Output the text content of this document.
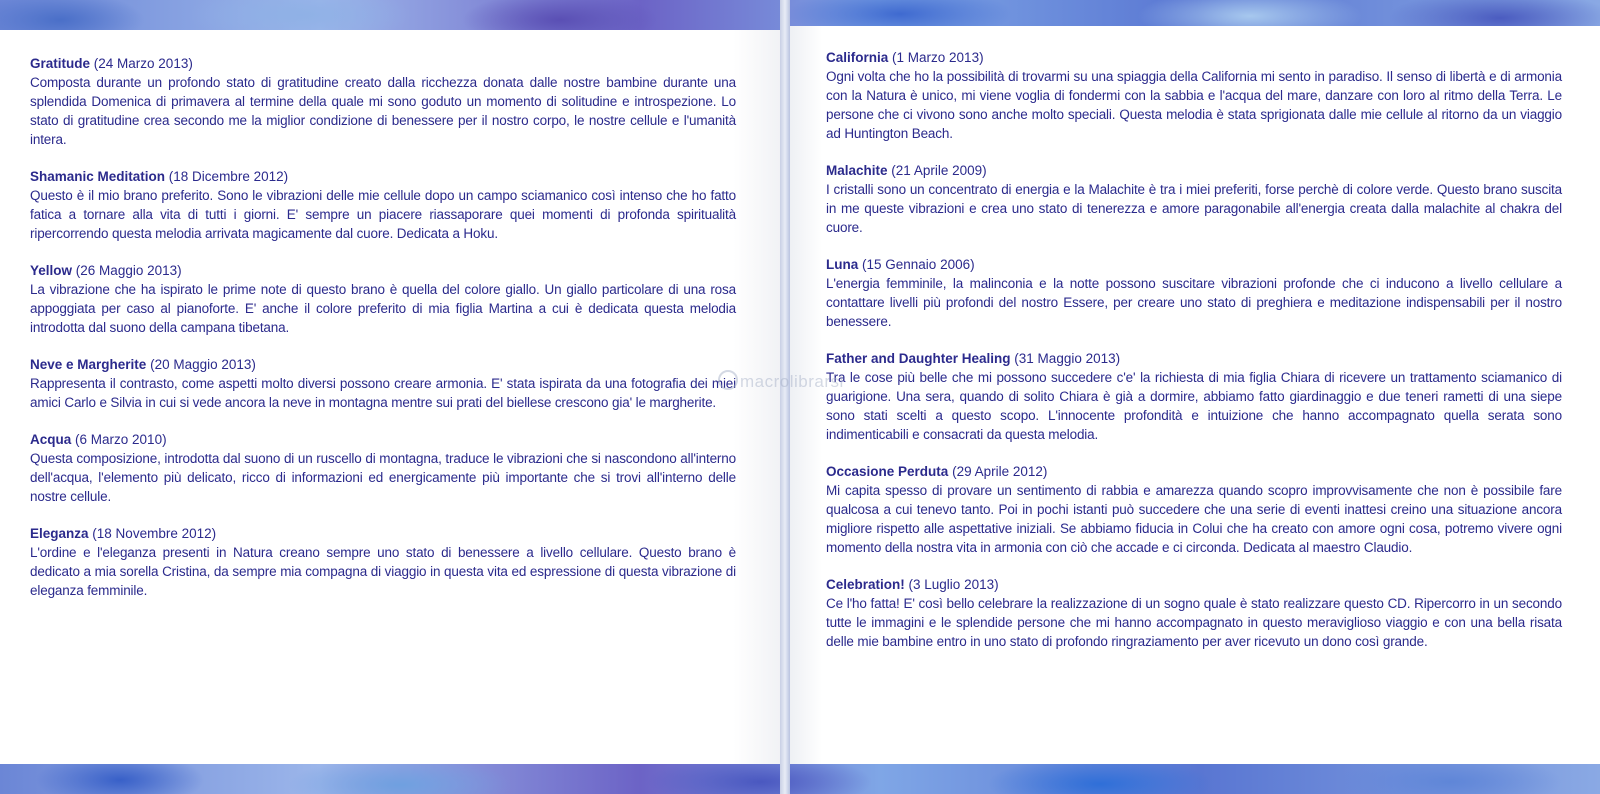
Gratitude (24 Marzo 2013)

Composta durante un profondo stato di gratitudine creato dalla ricchezza donata dalle nostre bambine durante una splendida Domenica di primavera al termine della quale mi sono goduto un momento di solitudine e introspezione. Lo stato di gratitudine crea secondo me la miglior condizione di benessere per il nostro corpo, le nostre cellule e l'umanità intera.

Shamanic Meditation (18 Dicembre 2012)

Questo è il mio brano preferito. Sono le vibrazioni delle mie cellule dopo un campo sciamanico così intenso che ho fatto fatica a tornare alla vita di tutti i giorni. E' sempre un piacere riassaporare quei momenti di profonda spiritualità ripercorrendo questa melodia arrivata magicamente dal cuore. Dedicata a Hoku.

Yellow (26 Maggio 2013)

La vibrazione che ha ispirato le prime note di questo brano è quella del colore giallo. Un giallo particolare di una rosa appoggiata per caso al pianoforte. E' anche il colore preferito di mia figlia Martina a cui è dedicata questa melodia introdotta dal suono della campana tibetana.

Neve e Margherite (20 Maggio 2013)

Rappresenta il contrasto, come aspetti molto diversi possono creare armonia. E' stata ispirata da una fotografia dei miei amici Carlo e Silvia in cui si vede ancora la neve in montagna mentre sui prati del biellese crescono gia' le margherite.

Acqua (6 Marzo 2010)

Questa composizione, introdotta dal suono di un ruscello di montagna, traduce le vibrazioni che si nascondono all'interno dell'acqua, l'elemento più delicato, ricco di informazioni ed energicamente più importante che si trovi all'interno delle nostre cellule.

Eleganza (18 Novembre 2012)

L'ordine e l'eleganza presenti in Natura creano sempre uno stato di benessere a livello cellulare. Questo brano è dedicato a mia sorella Cristina, da sempre mia compagna di viaggio in questa vita ed espressione di questa vibrazione di eleganza femminile.

California (1 Marzo 2013)

Ogni volta che ho la possibilità di trovarmi su una spiaggia della California mi sento in paradiso. Il senso di libertà e di armonia con la Natura è unico, mi viene voglia di fondermi con la sabbia e l'acqua del mare, danzare con loro al ritmo della Terra. Le persone che ci vivono sono anche molto speciali. Questa melodia è stata sprigionata dalle mie cellule al ritorno da un viaggio ad Huntington Beach.

Malachite (21 Aprile 2009)

I cristalli sono un concentrato di energia e la Malachite è tra i miei preferiti, forse perchè di colore verde. Questo brano suscita in me queste vibrazioni e crea uno stato di tenerezza e amore paragonabile all'energia creata dalla malachite al chakra del cuore.

Luna (15 Gennaio 2006)

L'energia femminile, la malinconia e la notte possono suscitare vibrazioni profonde che ci inducono a livello cellulare a contattare livelli più profondi del nostro Essere, per creare uno stato di preghiera e meditazione indispensabili per il nostro benessere.

Father and Daughter Healing (31 Maggio 2013)

Tra le cose più belle che mi possono succedere c'e' la richiesta di mia figlia Chiara di ricevere un trattamento sciamanico di guarigione. Una sera, quando di solito Chiara è già a dormire, abbiamo fatto giardinaggio e due teneri rametti di una siepe sono stati scelti a questo scopo. L'innocente profondità e intuizione che hanno accompagnato quella serata sono indimenticabili e consacrati da questa melodia.

Occasione Perduta (29 Aprile 2012)

Mi capita spesso di provare un sentimento di rabbia e amarezza quando scopro improvvisamente che non è possibile fare qualcosa a cui tenevo tanto. Poi in pochi istanti può succedere che una serie di eventi inattesi creino una situazione ancora migliore rispetto alle aspettative iniziali. Se abbiamo fiducia in Colui che ha creato con amore ogni cosa, potremo vivere ogni momento della nostra vita in armonia con ciò che accade e ci circonda. Dedicata al maestro Claudio.

Celebration! (3 Luglio 2013)

Ce l'ho fatta! E' così bello celebrare la realizzazione di un sogno quale è stato realizzare questo CD. Ripercorro in un secondo tutte le immagini e le splendide persone che mi hanno accompagnato in questo meraviglioso viaggio e con una bella risata delle mie bambine entro in uno stato di profondo ringraziamento per aver ricevuto un dono così grande.

macrolibrarsi
